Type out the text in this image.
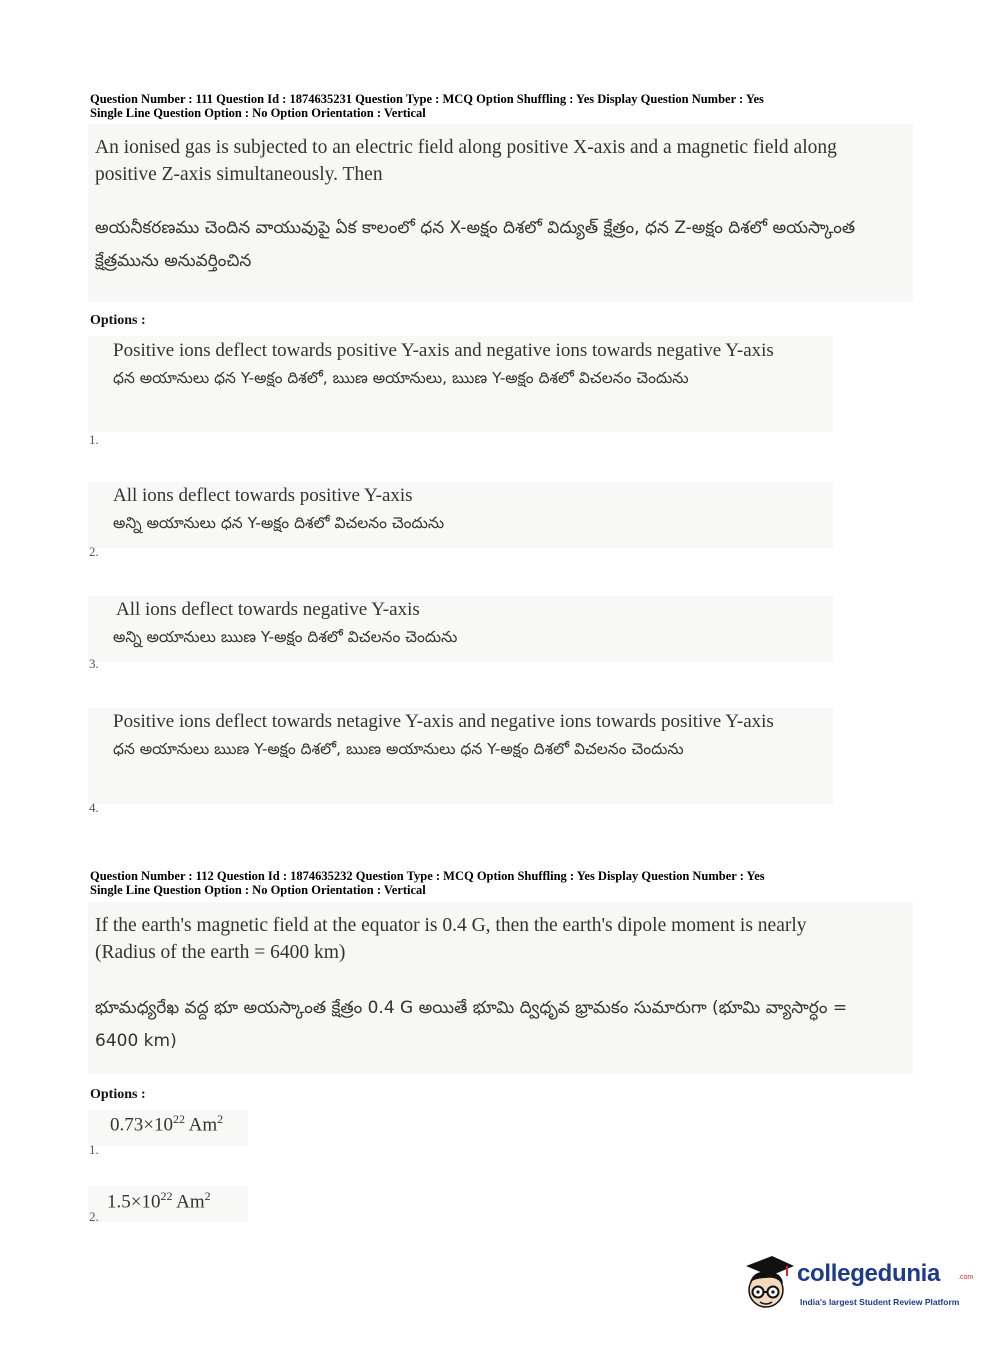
Question Number : 111 Question Id : 1874635231 Question Type : MCQ Option Shuffling : Yes Display Question Number : Yes
Single Line Question Option : No Option Orientation : Vertical
An ionised gas is subjected to an electric field along positive X-axis and a magnetic field along positive Z-axis simultaneously. Then
అయనీకరణము చెందిన వాయువుపై ఏక కాలంలో ధన X-అక్షం దిశలో విద్యుత్ క్షేత్రం, ధన Z-అక్షం దిశలో అయస్కాంత క్షేత్రమును అనువర్తించిన
Options :
Positive ions deflect towards positive Y-axis and negative ions towards negative Y-axis
ధన అయానులు ధన Y-అక్షం దిశలో, ఋణ అయానులు, ఋణ Y-అక్షం దిశలో విచలనం చెందును
1.
All ions deflect towards positive Y-axis
అన్ని అయానులు ధన Y-అక్షం దిశలో విచలనం చెందును
2.
All ions deflect towards negative Y-axis
అన్ని అయానులు ఋణ Y-అక్షం దిశలో విచలనం చెందును
3.
Positive ions deflect towards netagive Y-axis and negative ions towards positive Y-axis
ధన అయానులు ఋణ Y-అక్షం దిశలో, ఋణ అయానులు ధన Y-అక్షం దిశలో విచలనం చెందును
4.
Question Number : 112 Question Id : 1874635232 Question Type : MCQ Option Shuffling : Yes Display Question Number : Yes
Single Line Question Option : No Option Orientation : Vertical
If the earth's magnetic field at the equator is 0.4 G, then the earth's dipole moment is nearly (Radius of the earth = 6400 km)
భూమధ్యరేఖ వద్ద భూ అయస్కాంత క్షేత్రం 0.4 G అయితే భూమి ద్విధృవ భ్రామకం సుమారుగా (భూమి వ్యాసార్ధం = 6400 km)
Options :
$0.73\times 10^{22}$ Am$^2$
1.
$1.5\times 10^{22}$ Am$^2$
2.
collegedunia	.com
India's largest Student Review Platform
